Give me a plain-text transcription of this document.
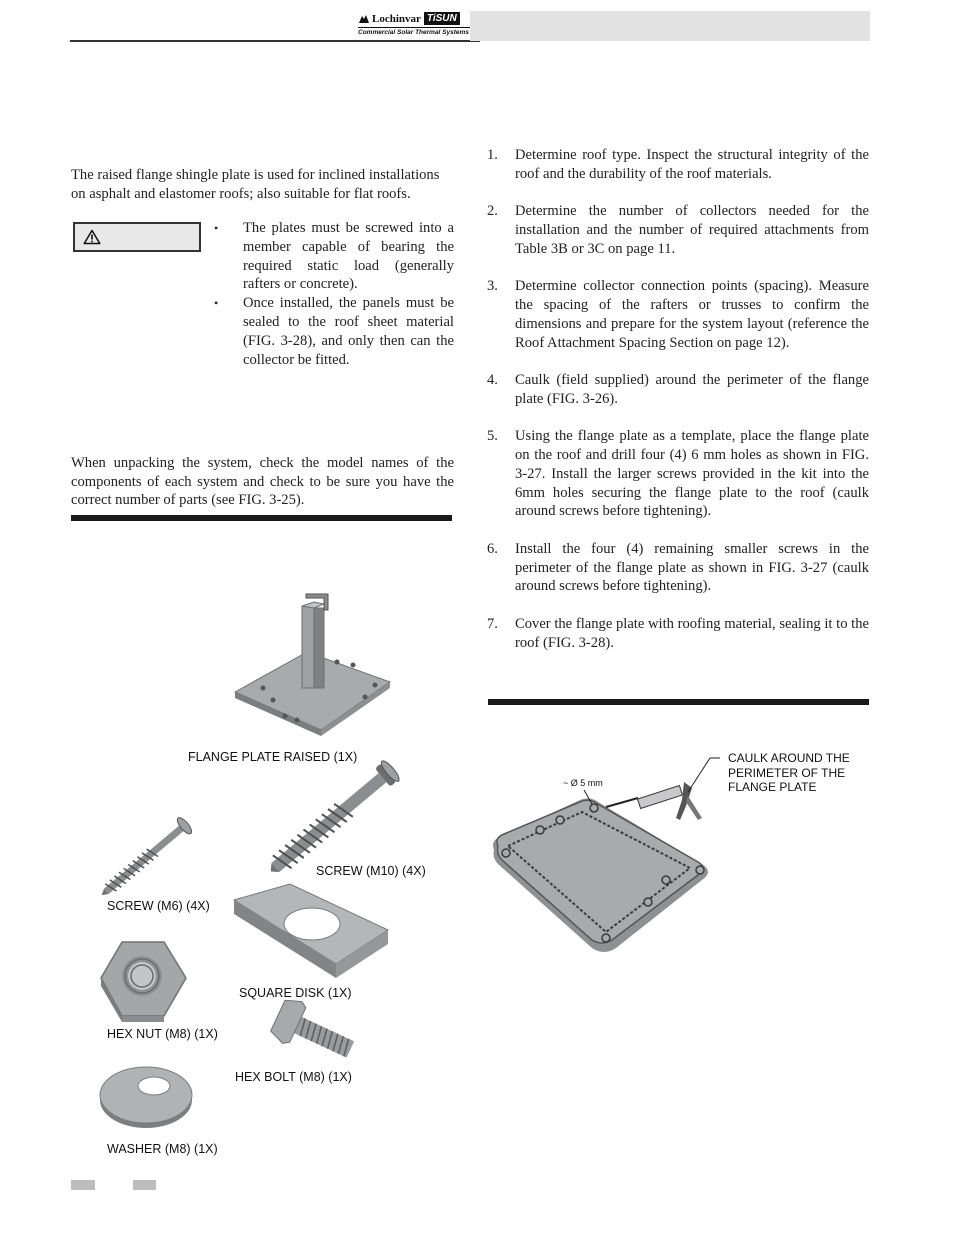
Lochinvar TiSUN
Commercial Solar Thermal Systems

The raised flange shingle plate is used for inclined installations on asphalt and elastomer roofs; also suitable for flat roofs.

•	The plates must be screwed into a member capable of bearing the required static load (generally rafters or concrete).
•	Once installed, the panels must be sealed to the roof sheet material (FIG. 3-28), and only then can the collector be fitted.

When unpacking the system, check the model names of the components of each system and check to be sure you have the correct number of parts (see FIG. 3-25).

FLANGE PLATE RAISED (1X)
SCREW (M10) (4X)
SCREW (M6) (4X)
SQUARE DISK (1X)
HEX NUT (M8) (1X)
HEX BOLT (M8) (1X)
WASHER (M8) (1X)
1.	Determine roof type. Inspect the structural integrity of the roof and the durability of the roof materials.
2.	Determine the number of collectors needed for the installation and the number of required attachments from Table 3B or 3C on page 11.
3.	Determine collector connection points (spacing). Measure the spacing of the rafters or trusses to confirm the dimensions and prepare for the system layout (reference the Roof Attachment Spacing Section on page 12).
4.	Caulk (field supplied) around the perimeter of the flange plate (FIG. 3-26).
5.	Using the flange plate as a template, place the flange plate on the roof and drill four (4) 6 mm holes as shown in FIG. 3-27. Install the larger screws provided in the kit into the 6mm holes securing the flange plate to the roof (caulk around screws before tightening).
6.	Install the four (4) remaining smaller screws in the perimeter of the flange plate as shown in FIG. 3-27 (caulk around screws before tightening).
7.	Cover the flange plate with roofing material, sealing it to the roof (FIG. 3-28).
CAULK AROUND THE PERIMETER OF THE FLANGE PLATE
~ Ø 5 mm
